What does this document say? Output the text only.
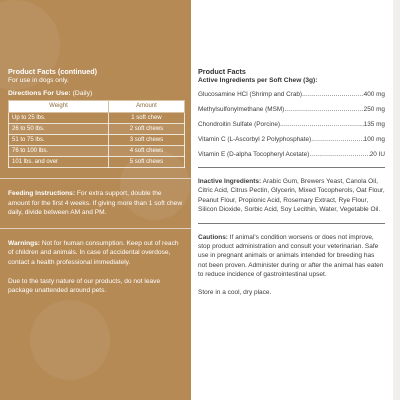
Product Facts (continued)

For use in dogs only.

Directions For Use: (Daily)

Weight	Amount
Up to 25 lbs.	1 soft chew
26 to 50 lbs.	2 soft chews
51 to 75 lbs.	3 soft chews
76 to 100 lbs.	4 soft chews
101 lbs. and over	5 soft chews

Feeding Instructions: For extra support, double the amount for the first 4 weeks. If giving more than 1 soft chew daily, divide between AM and PM.

Warnings: Not for human consumption. Keep out of reach of children and animals. In case of accidental overdose, contact a health professional immediately.

Due to the tasty nature of our products, do not leave package unattended around pets.

Product Facts

Active Ingredients per Soft Chew (3g):

Glucosamine HCl (Shrimp and Crab) .....	400 mg
Methylsulfonylmethane (MSM) .....	250 mg
Chondroitin Sulfate (Porcine) .....	135 mg
Vitamin C (L-Ascorbyl 2 Polyphosphate) .....	100 mg
Vitamin E (D-alpha Tocopheryl Acetate) .....	20 IU

Inactive Ingredients: Arabic Gum, Brewers Yeast, Canola Oil, Citric Acid, Citrus Pectin, Glycerin, Mixed Tocopherols, Oat Flour, Peanut Flour, Propionic Acid, Rosemary Extract, Rye Flour, Silicon Dioxide, Sorbic Acid, Soy Lecithin, Water, Vegetable Oil.

Cautions: If animal's condition worsens or does not improve, stop product administration and consult your veterinarian. Safe use in pregnant animals or animals intended for breeding has not been proven. Administer during or after the animal has eaten to reduce incidence of gastrointestinal upset.

Store in a cool, dry place.
